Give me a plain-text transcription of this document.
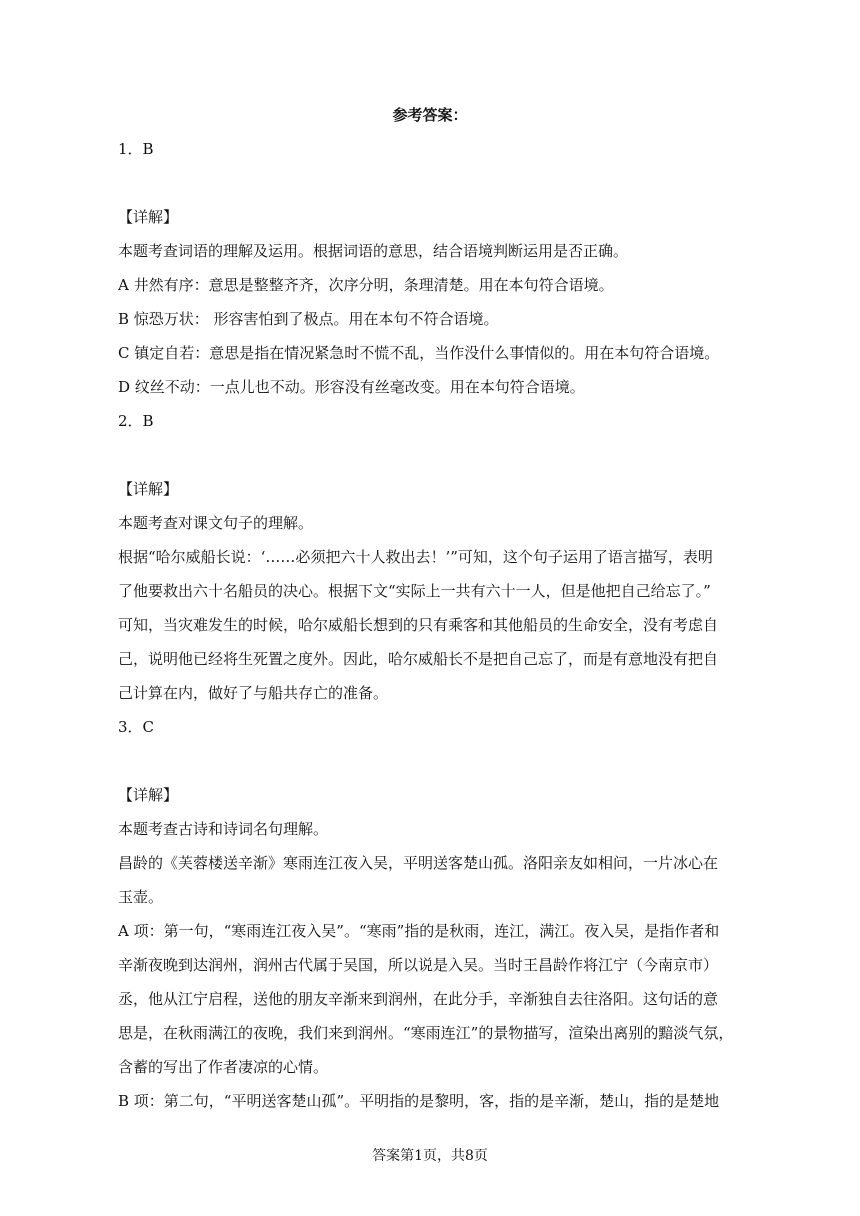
参考答案：

1．B

【详解】

本题考查词语的理解及运用。根据词语的意思，结合语境判断运用是否正确。

A 井然有序：意思是整整齐齐，次序分明，条理清楚。用在本句符合语境。

B 惊恐万状： 形容害怕到了极点。用在本句不符合语境。

C 镇定自若：意思是指在情况紧急时不慌不乱，当作没什么事情似的。用在本句符合语境。

D 纹丝不动：一点儿也不动。形容没有丝毫改变。用在本句符合语境。

2．B

【详解】

本题考查对课文句子的理解。

根据“哈尔威船长说：‘……必须把六十人救出去！’”可知，这个句子运用了语言描写，表明

了他要救出六十名船员的决心。根据下文“实际上一共有六十一人，但是他把自己给忘了。”

可知，当灾难发生的时候，哈尔威船长想到的只有乘客和其他船员的生命安全，没有考虑自

己，说明他已经将生死置之度外。因此，哈尔威船长不是把自己忘了，而是有意地没有把自

己计算在内，做好了与船共存亡的准备。

3．C

【详解】

本题考查古诗和诗词名句理解。

昌龄的《芙蓉楼送辛渐》寒雨连江夜入吴，平明送客楚山孤。洛阳亲友如相问，一片冰心在

玉壶。

A 项：第一句，“寒雨连江夜入吴”。“寒雨”指的是秋雨，连江，满江。夜入吴，是指作者和

辛渐夜晚到达润州，润州古代属于吴国，所以说是入吴。当时王昌龄作将江宁（今南京市）

丞，他从江宁启程，送他的朋友辛渐来到润州，在此分手，辛渐独自去往洛阳。这句话的意

思是，在秋雨满江的夜晚，我们来到润州。“寒雨连江”的景物描写，渲染出离别的黯淡气氛，

含蓄的写出了作者凄凉的心情。

B 项：第二句，“平明送客楚山孤”。平明指的是黎明，客，指的是辛渐，楚山，指的是楚地

答案第1页，共8页
